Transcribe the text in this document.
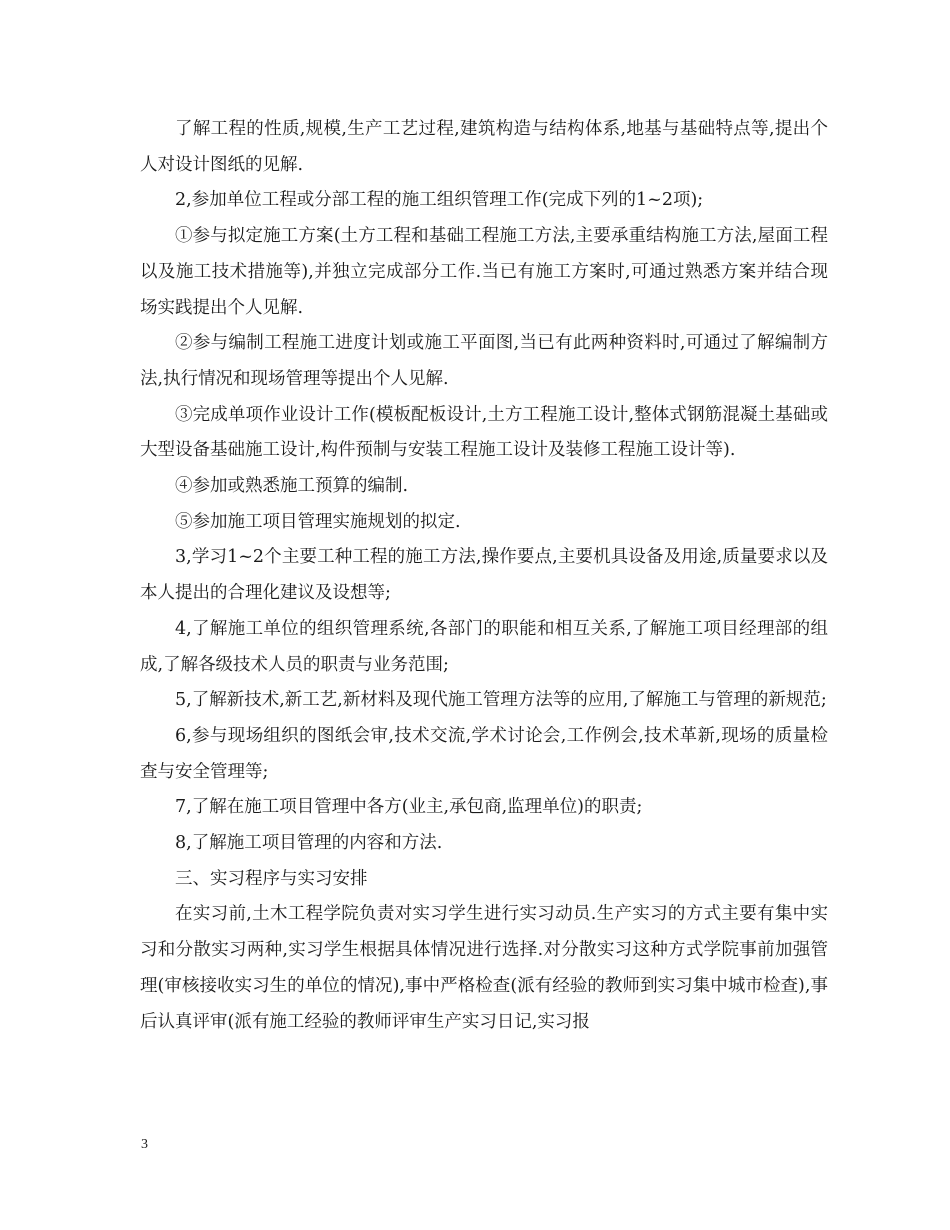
了解工程的性质,规模,生产工艺过程,建筑构造与结构体系,地基与基础特点等,提出个人对设计图纸的见解.

2,参加单位工程或分部工程的施工组织管理工作(完成下列的1~2项);

①参与拟定施工方案(土方工程和基础工程施工方法,主要承重结构施工方法,屋面工程以及施工技术措施等),并独立完成部分工作.当已有施工方案时,可通过熟悉方案并结合现场实践提出个人见解.

②参与编制工程施工进度计划或施工平面图,当已有此两种资料时,可通过了解编制方法,执行情况和现场管理等提出个人见解.

③完成单项作业设计工作(模板配板设计,土方工程施工设计,整体式钢筋混凝土基础或大型设备基础施工设计,构件预制与安装工程施工设计及装修工程施工设计等).

④参加或熟悉施工预算的编制.

⑤参加施工项目管理实施规划的拟定.

3,学习1~2个主要工种工程的施工方法,操作要点,主要机具设备及用途,质量要求以及本人提出的合理化建议及设想等;

4,了解施工单位的组织管理系统,各部门的职能和相互关系,了解施工项目经理部的组成,了解各级技术人员的职责与业务范围;

5,了解新技术,新工艺,新材料及现代施工管理方法等的应用,了解施工与管理的新规范;

6,参与现场组织的图纸会审,技术交流,学术讨论会,工作例会,技术革新,现场的质量检查与安全管理等;

7,了解在施工项目管理中各方(业主,承包商,监理单位)的职责;

8,了解施工项目管理的内容和方法.

三、实习程序与实习安排

在实习前,土木工程学院负责对实习学生进行实习动员.生产实习的方式主要有集中实习和分散实习两种,实习学生根据具体情况进行选择.对分散实习这种方式学院事前加强管理(审核接收实习生的单位的情况),事中严格检查(派有经验的教师到实习集中城市检查),事后认真评审(派有施工经验的教师评审生产实习日记,实习报

3
